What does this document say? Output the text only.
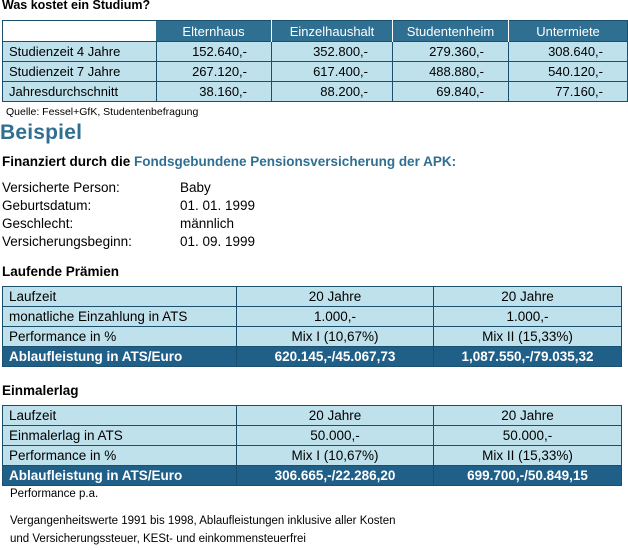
Was kostet ein Studium?
	Elternhaus	Einzelhaushalt	Studentenheim	Untermiete
Studienzeit 4 Jahre	152.640,-	352.800,-	279.360,-	308.640,-
Studienzeit 7 Jahre	267.120,-	617.400,-	488.880,-	540.120,-
Jahresdurchschnitt	38.160,-	88.200,-	69.840,-	77.160,-
Quelle: Fessel+GfK, Studentenbefragung
Beispiel
Finanziert durch die Fondsgebundene Pensionsversicherung der APK:
Versicherte Person:	Baby
Geburtsdatum:	01. 01. 1999
Geschlecht:	männlich
Versicherungsbeginn:	01. 09. 1999
Laufende Prämien
Laufzeit	20 Jahre	20 Jahre
monatliche Einzahlung in ATS	1.000,-	1.000,-
Performance in %	Mix I (10,67%)	Mix II (15,33%)
Ablaufleistung in ATS/Euro	620.145,-/45.067,73	1,087.550,-/79.035,32
Einmalerlag
Laufzeit	20 Jahre	20 Jahre
Einmalerlag in ATS	50.000,-	50.000,-
Performance in %	Mix I (10,67%)	Mix II (15,33%)
Ablaufleistung in ATS/Euro	306.665,-/22.286,20	699.700,-/50.849,15
Performance p.a.
Vergangenheitswerte 1991 bis 1998, Ablaufleistungen inklusive aller Kosten
und Versicherungssteuer, KESt- und einkommensteuerfrei
